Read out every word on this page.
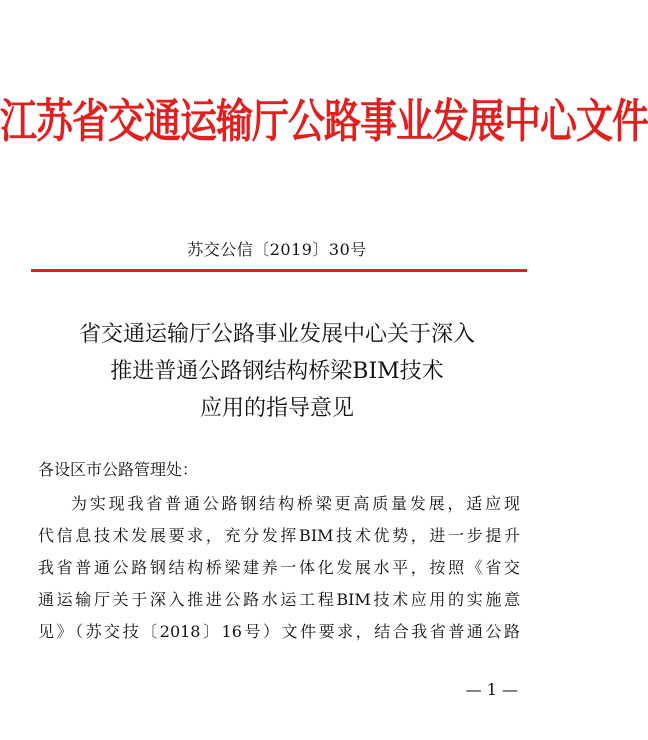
江苏省交通运输厅公路事业发展中心文件
苏交公信〔2019〕30号
省交通运输厅公路事业发展中心关于深入
推进普通公路钢结构桥梁BIM技术
应用的指导意见
各设区市公路管理处：
为实现我省普通公路钢结构桥梁更高质量发展，适应现
代信息技术发展要求，充分发挥BIM技术优势，进一步提升
我省普通公路钢结构桥梁建养一体化发展水平，按照《省交
通运输厅关于深入推进公路水运工程BIM技术应用的实施意
见》（苏交技〔2018〕16号）文件要求，结合我省普通公路
— 1 —
